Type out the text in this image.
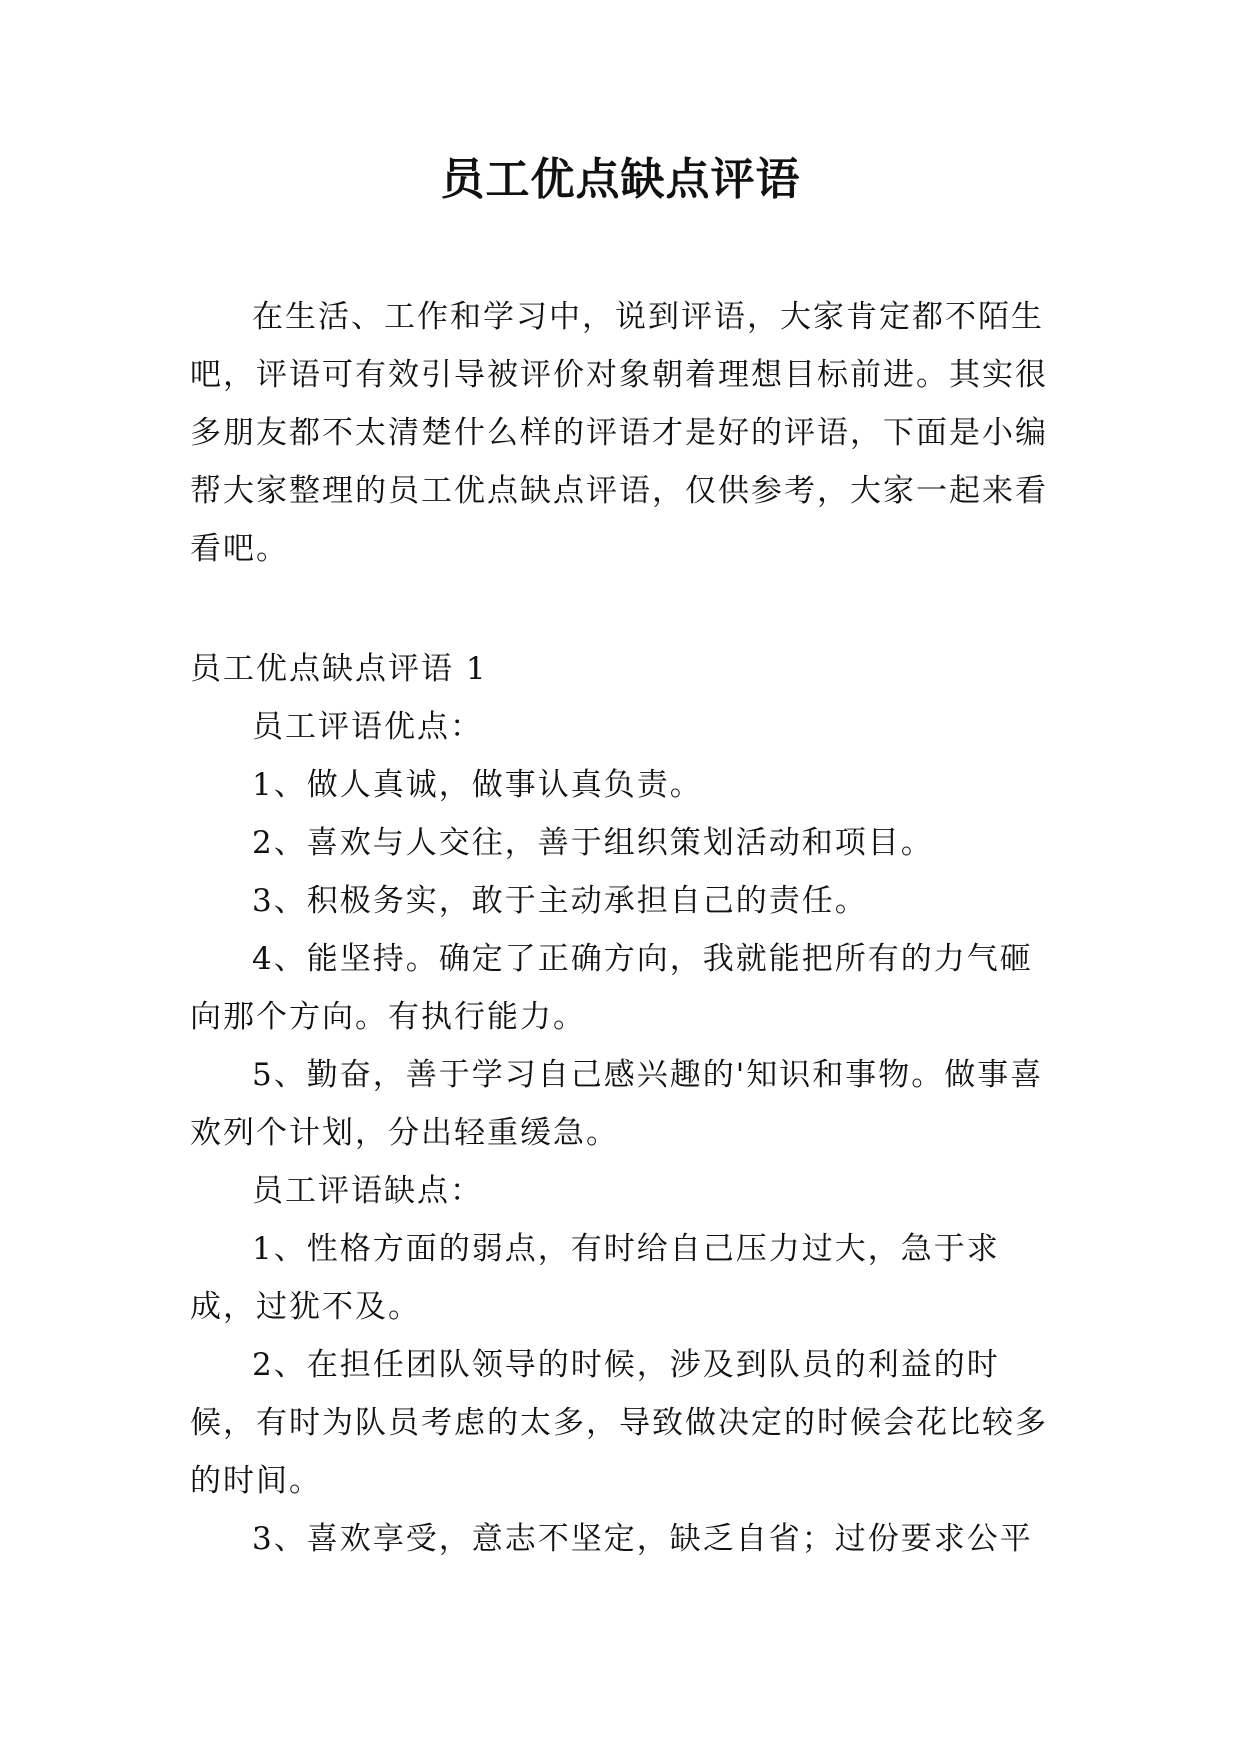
员工优点缺点评语

在生活、工作和学习中，说到评语，大家肯定都不陌生吧，评语可有效引导被评价对象朝着理想目标前进。其实很多朋友都不太清楚什么样的评语才是好的评语，下面是小编帮大家整理的员工优点缺点评语，仅供参考，大家一起来看看吧。

员工优点缺点评语 1

员工评语优点：

1、做人真诚，做事认真负责。

2、喜欢与人交往，善于组织策划活动和项目。

3、积极务实，敢于主动承担自己的责任。

4、能坚持。确定了正确方向，我就能把所有的力气砸向那个方向。有执行能力。

5、勤奋，善于学习自己感兴趣的'知识和事物。做事喜欢列个计划，分出轻重缓急。

员工评语缺点：

1、性格方面的弱点，有时给自己压力过大，急于求成，过犹不及。

2、在担任团队领导的时候，涉及到队员的利益的时候，有时为队员考虑的太多，导致做决定的时候会花比较多的时间。

3、喜欢享受，意志不坚定，缺乏自省；过份要求公平
